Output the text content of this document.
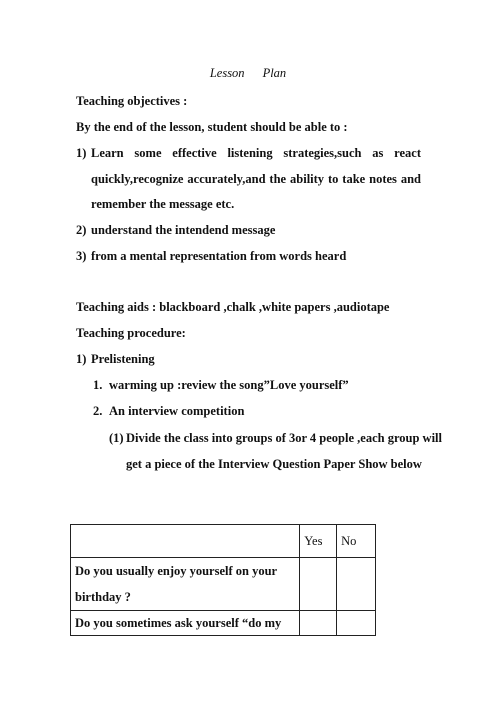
Lesson Plan
Teaching objectives :
By the end of the lesson, student should be able to :
1) Learn some effective listening strategies,such as react
quickly,recognize accurately,and the ability to take notes and
remember the message etc.
2) understand the intendend message
3) from a mental representation from words heard
Teaching aids : blackboard ,chalk ,white papers ,audiotape
Teaching procedure:
1) Prelistening
1. warming up :review the song”Love yourself”
2. An interview competition
(1) Divide the class into groups of 3or 4 people ,each group will
get a piece of the Interview Question Paper Show below
	Yes	No

Do you usually enjoy yourself on your
birthday ?		

Do you sometimes ask yourself “do my		
